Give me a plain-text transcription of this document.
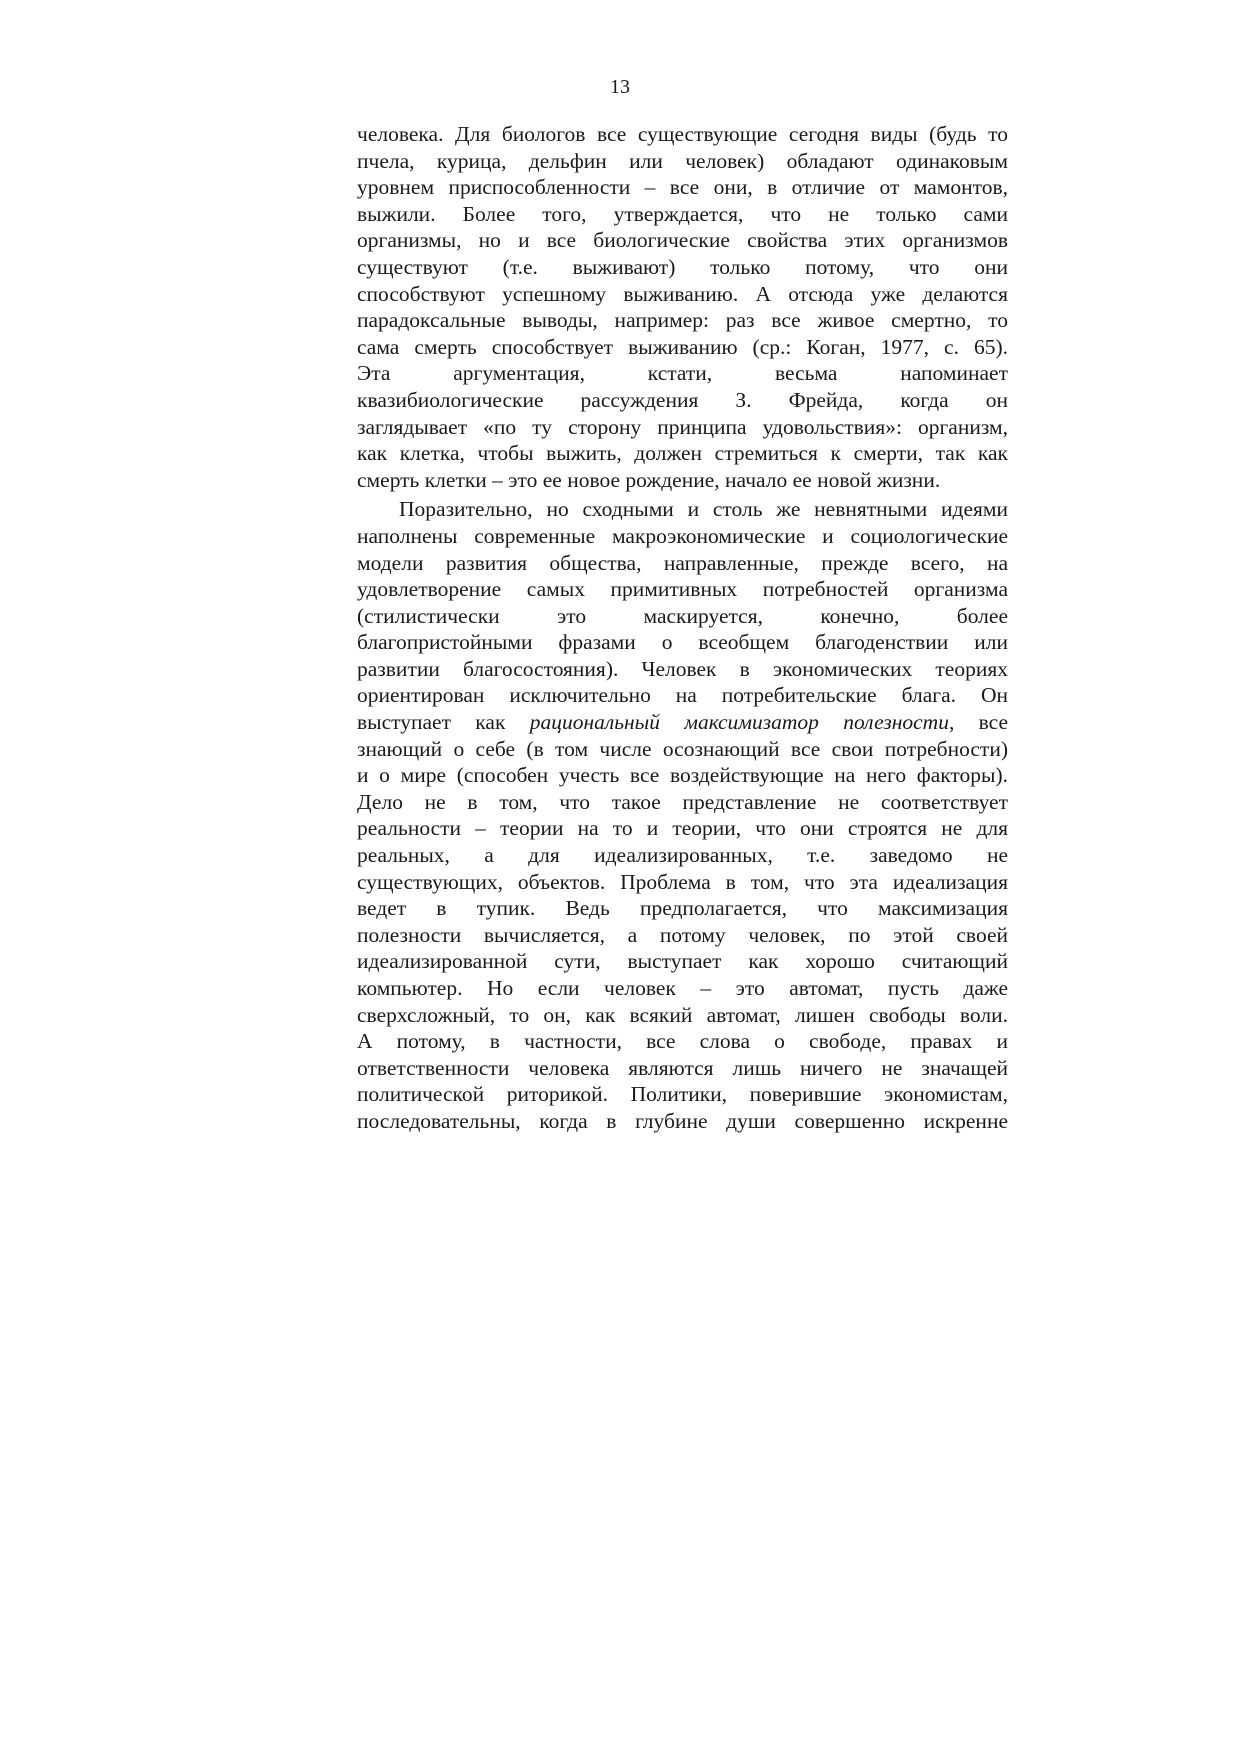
13
человека. Для биологов все существующие сегодня виды (будь то
пчела, курица, дельфин или человек) обладают одинаковым
уровнем приспособленности – все они, в отличие от мамонтов,
выжили. Более того, утверждается, что не только сами
организмы, но и все биологические свойства этих организмов
существуют (т.е. выживают) только потому, что они
способствуют успешному выживанию. А отсюда уже делаются
парадоксальные выводы, например: раз все живое смертно, то
сама смерть способствует выживанию (ср.: Коган, 1977, с. 65).
Эта аргументация, кстати, весьма напоминает
квазибиологические рассуждения З. Фрейда, когда он
заглядывает «по ту сторону принципа удовольствия»: организм,
как клетка, чтобы выжить, должен стремиться к смерти, так как
смерть клетки – это ее новое рождение, начало ее новой жизни.
Поразительно, но сходными и столь же невнятными идеями
наполнены современные макроэкономические и социологические
модели развития общества, направленные, прежде всего, на
удовлетворение самых примитивных потребностей организма
(стилистически это маскируется, конечно, более
благопристойными фразами о всеобщем благоденствии или
развитии благосостояния). Человек в экономических теориях
ориентирован исключительно на потребительские блага. Он
выступает как рациональный максимизатор полезности, все
знающий о себе (в том числе осознающий все свои потребности)
и о мире (способен учесть все воздействующие на него факторы).
Дело не в том, что такое представление не соответствует
реальности – теории на то и теории, что они строятся не для
реальных, а для идеализированных, т.е. заведомо не
существующих, объектов. Проблема в том, что эта идеализация
ведет в тупик. Ведь предполагается, что максимизация
полезности вычисляется, а потому человек, по этой своей
идеализированной сути, выступает как хорошо считающий
компьютер. Но если человек – это автомат, пусть даже
сверхсложный, то он, как всякий автомат, лишен свободы воли.
А потому, в частности, все слова о свободе, правах и
ответственности человека являются лишь ничего не значащей
политической риторикой. Политики, поверившие экономистам,
последовательны, когда в глубине души совершенно искренне
